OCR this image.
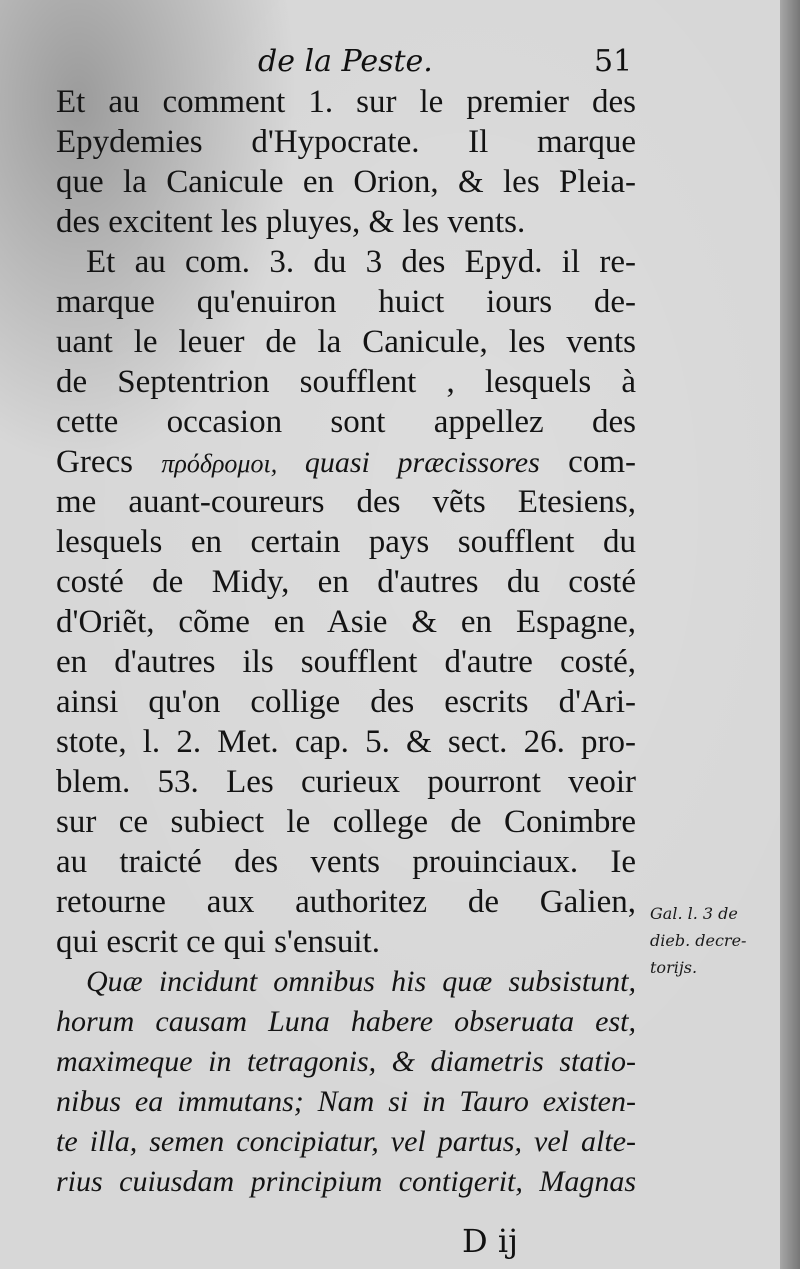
de la Peste.	51
Et au comment 1. sur le premier des
Epydemies d'Hypocrate. Il marque
que la Canicule en Orion, & les Pleia-
des excitent les pluyes, & les vents.
Et au com. 3. du 3 des Epyd. il re-
marque qu'enuiron huict iours de-
uant le leuer de la Canicule, les vents
de Septentrion soufflent , lesquels à
cette occasion sont appellez des
Grecs πρόδρομοι, quasi præcissores com-
me auant-coureurs des vẽts Etesiens,
lesquels en certain pays soufflent du
costé de Midy, en d'autres du costé
d'Oriẽt, cõme en Asie & en Espagne,
en d'autres ils soufflent d'autre costé,
ainsi qu'on collige des escrits d'Ari-
stote, l. 2. Met. cap. 5. & sect. 26. pro-
blem. 53. Les curieux pourront veoir
sur ce subiect le college de Conimbre
au traicté des vents prouinciaux. Ie
retourne aux authoritez de Galien,
qui escrit ce qui s'ensuit.
Quæ incidunt omnibus his quæ subsistunt,
horum causam Luna habere obseruata est,
maximeque in tetragonis, & diametris statio-
nibus ea immutans; Nam si in Tauro existen-
te illa, semen concipiatur, vel partus, vel alte-
rius cuiusdam principium contigerit, Magnas
Gal. l. 3 de
dieb. decre-
torijs.
D ij
